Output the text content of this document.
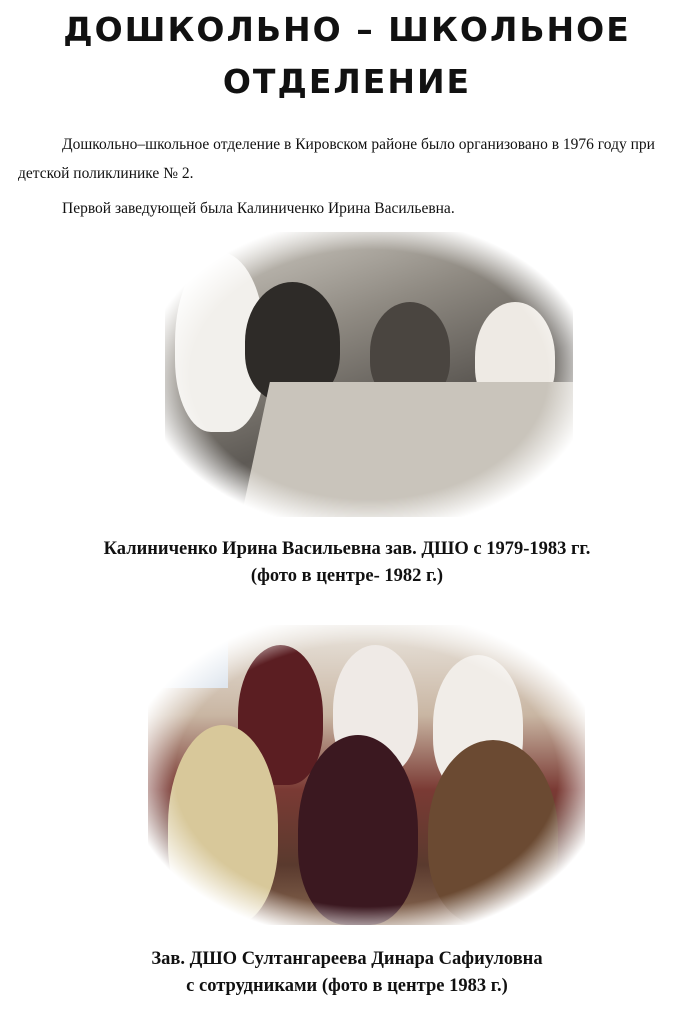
ДОШКОЛЬНО – ШКОЛЬНОЕ
ОТДЕЛЕНИЕ

Дошкольно–школьное отделение в Кировском районе было организовано в 1976 году при детской поликлинике № 2.

Первой заведующей была Калиниченко Ирина Васильевна.

Калиниченко Ирина Васильевна зав. ДШО с 1979-1983 гг.
(фото в центре- 1982 г.)
Зав. ДШО Султангареева Динара Сафиуловна
с сотрудниками (фото в центре 1983 г.)
